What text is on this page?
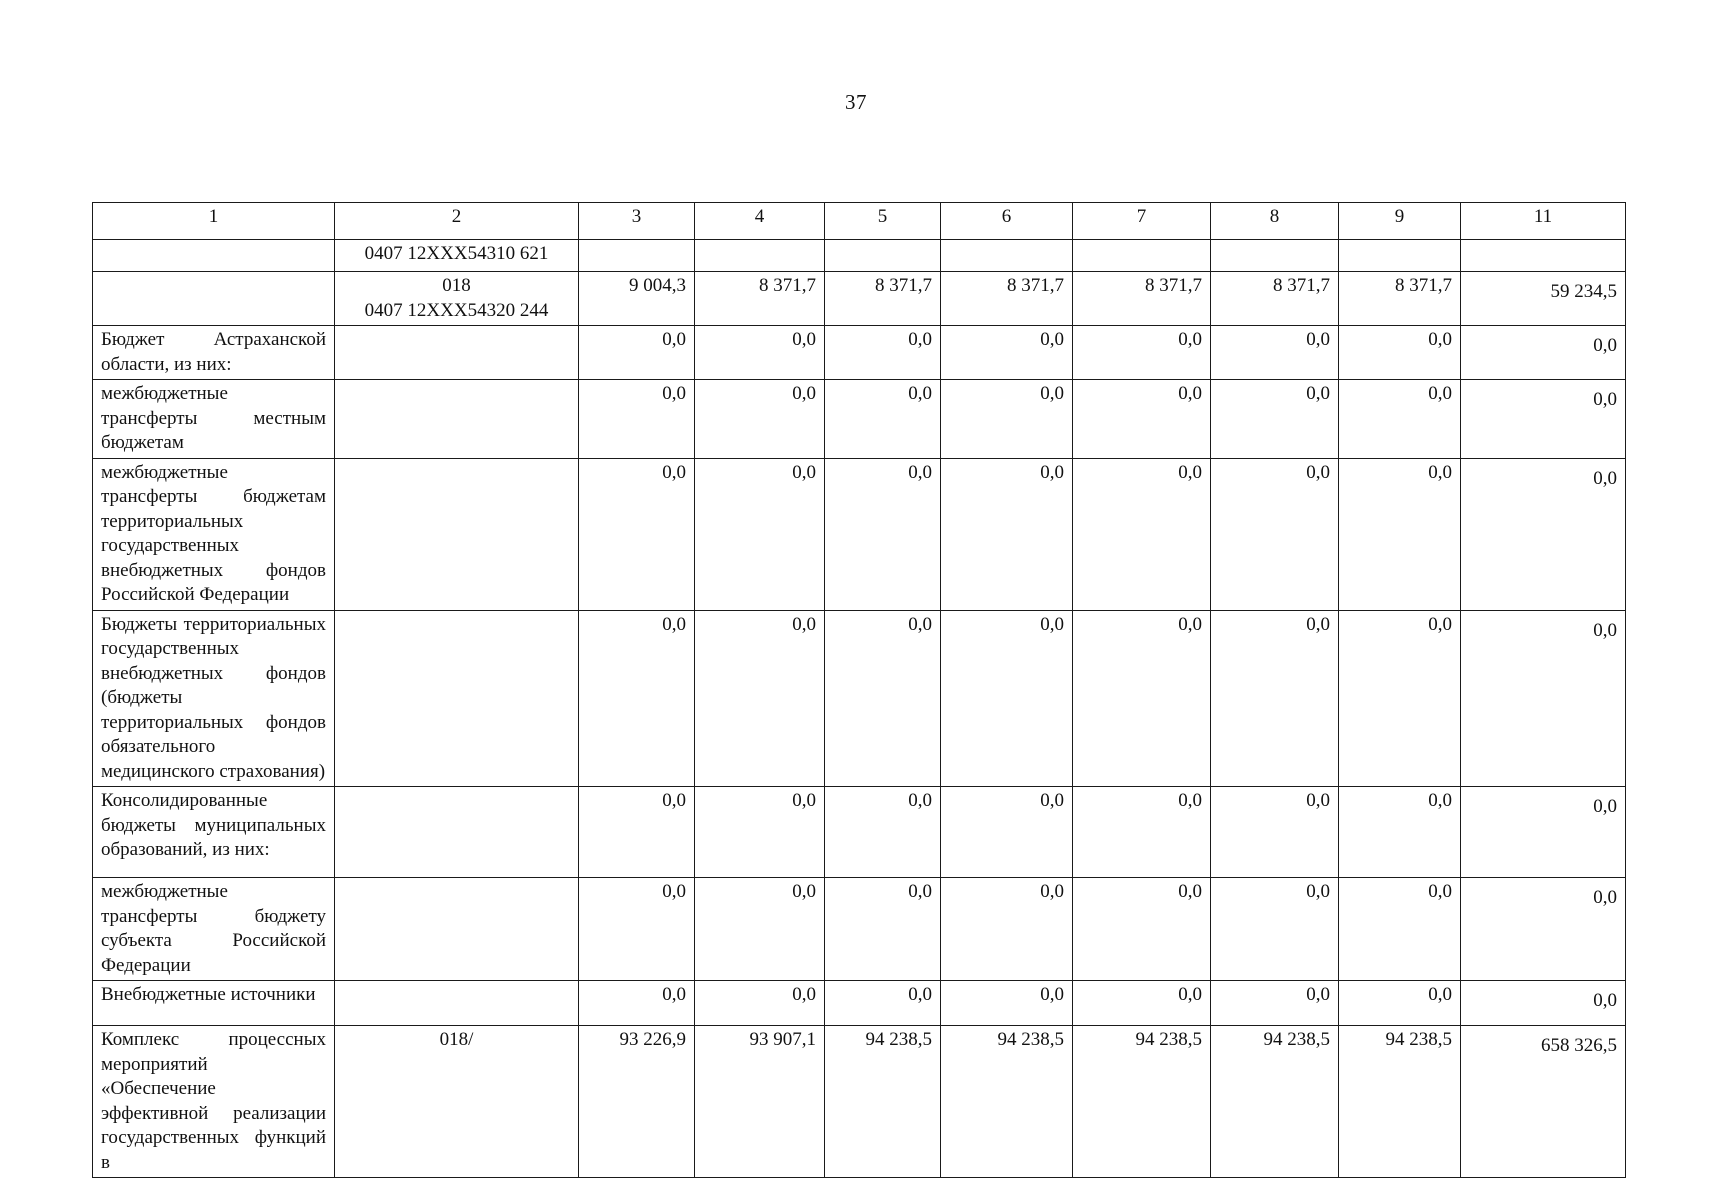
37
1	2	3	4	5	6	7	8	9	11

	0407 12XXX54310 621								

	018
0407 12XXX54320 244	9 004,3	8 371,7	8 371,7	8 371,7	8 371,7	8 371,7	8 371,7	59 234,5
Бюджет Астраханской области, из них:		0,0	0,0	0,0	0,0	0,0	0,0	0,0	0,0
межбюджетные трансферты местным бюджетам		0,0	0,0	0,0	0,0	0,0	0,0	0,0	0,0
межбюджетные трансферты бюджетам территориальных государственных внебюджетных фондов Российской Федерации		0,0	0,0	0,0	0,0	0,0	0,0	0,0	0,0
Бюджеты территориальных государственных внебюджетных фондов (бюджеты территориальных фондов обязательного медицинского страхования)		0,0	0,0	0,0	0,0	0,0	0,0	0,0	0,0
Консолидированные бюджеты муниципальных образований, из них:		0,0	0,0	0,0	0,0	0,0	0,0	0,0	0,0
межбюджетные трансферты бюджету субъекта Российской Федерации		0,0	0,0	0,0	0,0	0,0	0,0	0,0	0,0
Внебюджетные источники		0,0	0,0	0,0	0,0	0,0	0,0	0,0	0,0
Комплекс процессных мероприятий «Обеспечение эффективной реализации государственных функций в	018/	93 226,9	93 907,1	94 238,5	94 238,5	94 238,5	94 238,5	94 238,5	658 326,5
